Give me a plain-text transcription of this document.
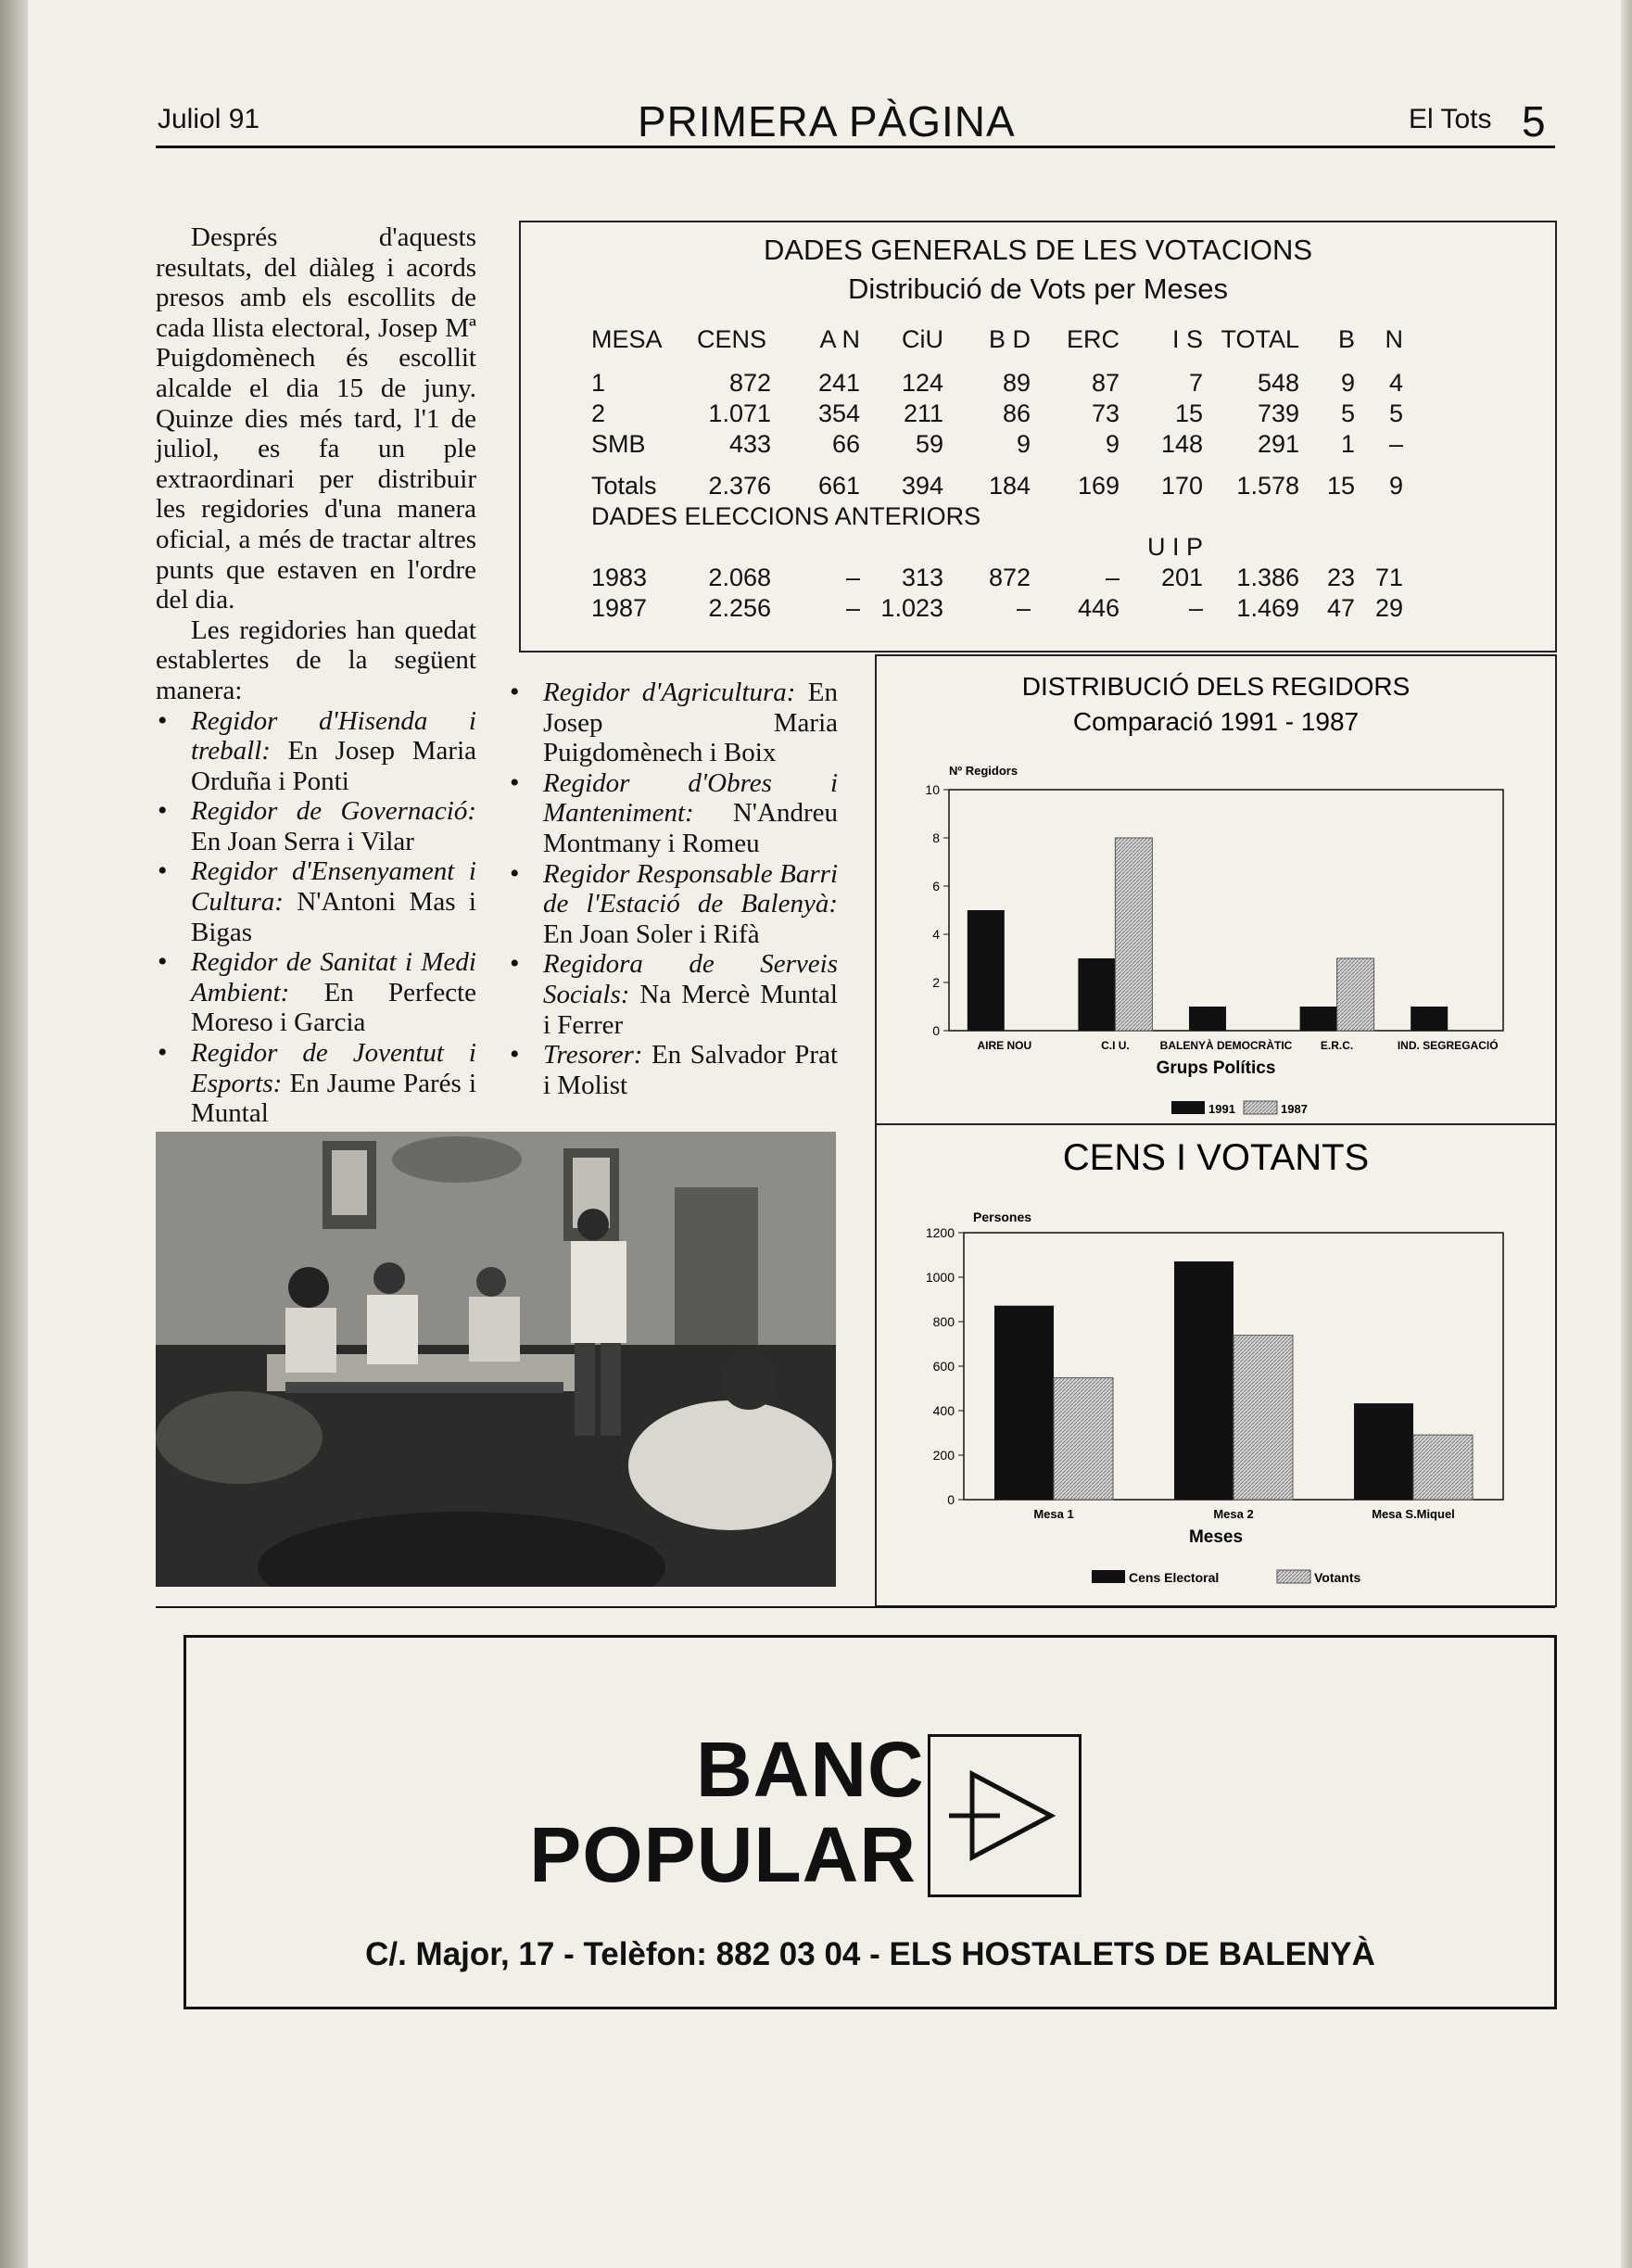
Juliol 91	PRIMERA PÀGINA	El Tots 5

Després d'aquests resultats, del diàleg i acords presos amb els escollits de cada llista electoral, Josep Mª Puigdomènech és escollit alcalde el dia 15 de juny. Quinze dies més tard, l'1 de juliol, es fa un ple extraordinari per distribuir les regidories d'una manera oficial, a més de tractar altres punts que estaven en l'ordre del dia.

Les regidories han quedat establertes de la següent manera:

• Regidor d'Hisenda i treball: En Josep Maria Orduña i Ponti
• Regidor de Governació: En Joan Serra i Vilar
• Regidor d'Ensenyament i Cultura: N'Antoni Mas i Bigas
• Regidor de Sanitat i Medi Ambient: En Perfecte Moreso i Garcia
• Regidor de Joventut i Esports: En Jaume Parés i Muntal
• Regidor d'Agricultura: En Josep Maria Puigdomènech i Boix
• Regidor d'Obres i Manteniment: N'Andreu Montmany i Romeu
• Regidor Responsable Barri de l'Estació de Balenyà: En Joan Soler i Rifà
• Regidora de Serveis Socials: Na Mercè Muntal i Ferrer
• Tresorer: En Salvador Prat i Molist
DADES GENERALS DE LES VOTACIONS
Distribució de Vots per Meses
MESA	CENS	A N	CiU	B D	ERC	I S	TOTAL	B	N

1	872	241	124	89	87	7	548	9	4
2	1.071	354	211	86	73	15	739	5	5
SMB	433	66	59	9	9	148	291	1	–

Totals	2.376	661	394	184	169	170	1.578	15	9
DADES ELECCIONS ANTERIORS									
						U I P			
1983	2.068	–	313	872	–	201	1.386	23	71
1987	2.256	–	1.023	–	446	–	1.469	47	29
DISTRIBUCIÓ DELS REGIDORS
Comparació 1991 - 1987
Nº Regidors
0
2
4
6
8
10
AIRE NOU	C.I U.	BALENYÀ DEMOCRÀTIC	E.R.C.	IND. SEGREGACIÓ
Grups Polítics
1991	1987
CENS I VOTANTS
Persones
0
200
400
600
800
1000
1200
Mesa 1	Mesa 2	Mesa S.Miquel
Meses
Cens Electoral	Votants
BANC
POPULAR
C/. Major, 17 - Telèfon: 882 03 04 - ELS HOSTALETS DE BALENYÀ
